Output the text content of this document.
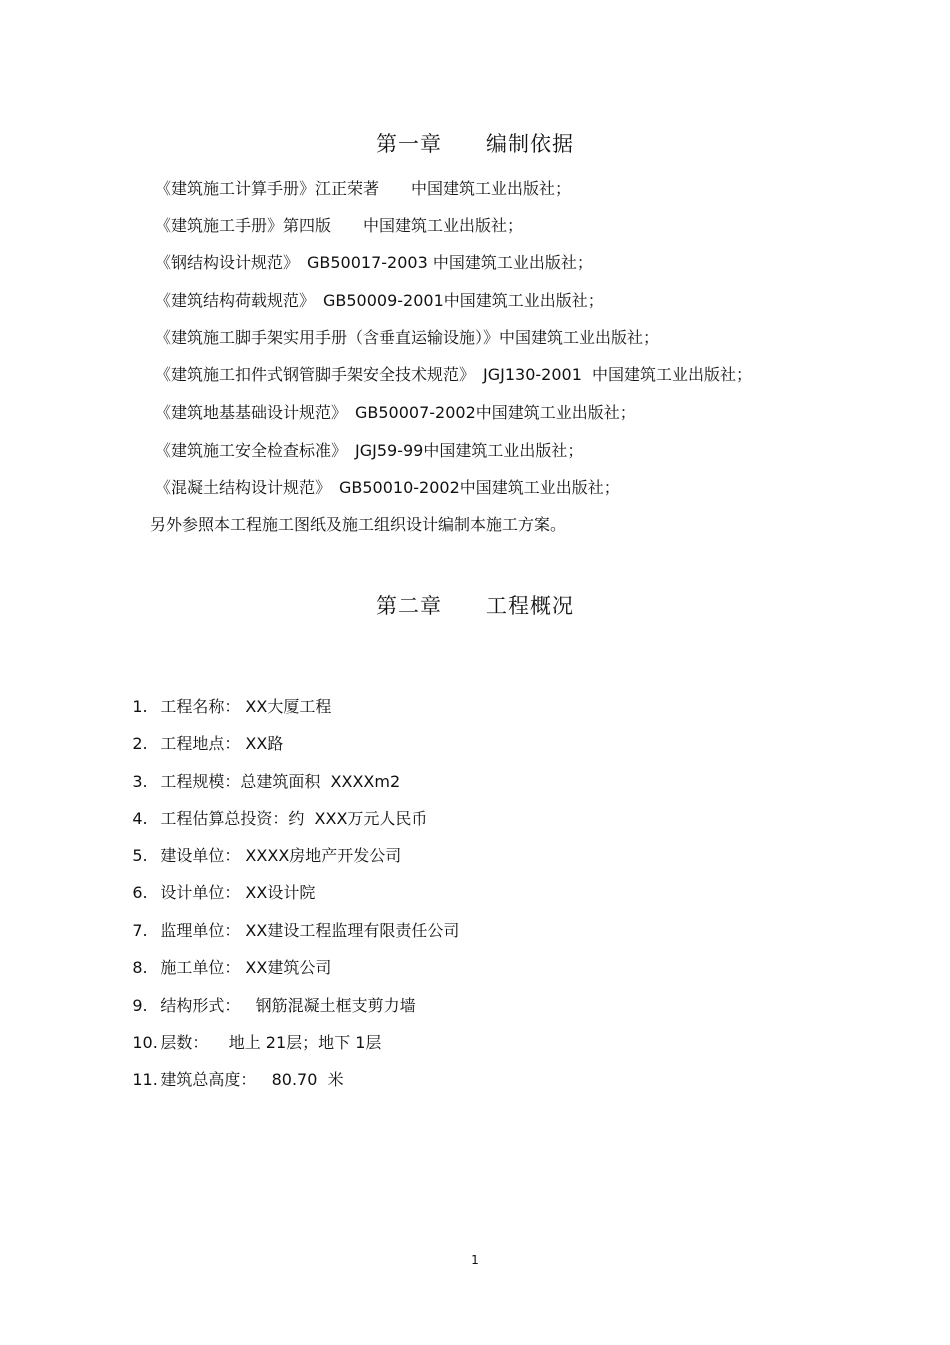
第一章　　编制依据
《建筑施工计算手册》江正荣著　　中国建筑工业出版社；
《建筑施工手册》第四版　　中国建筑工业出版社；
《钢结构设计规范》　GB50017-2003 中国建筑工业出版社；
《建筑结构荷载规范》　GB50009-2001中国建筑工业出版社；
《建筑施工脚手架实用手册（含垂直运输设施）》中国建筑工业出版社；
《建筑施工扣件式钢管脚手架安全技术规范》　JGJ130-2001  中国建筑工业出版社；
《建筑地基基础设计规范》　GB50007-2002中国建筑工业出版社；
《建筑施工安全检查标准》　JGJ59-99中国建筑工业出版社；
《混凝土结构设计规范》　GB50010-2002中国建筑工业出版社；
另外参照本工程施工图纸及施工组织设计编制本施工方案。
第二章　　工程概况

1. 工程名称： XX大厦工程

2. 工程地点： XX路

3. 工程规模：总建筑面积  XXXXm2

4. 工程估算总投资：约  XXX万元人民币

5. 建设单位： XXXX房地产开发公司

6. 设计单位： XX设计院

7. 监理单位： XX建设工程监理有限责任公司

8. 施工单位： XX建筑公司

9. 结构形式：   钢筋混凝土框支剪力墙

10. 层数：    地上 21层；地下 1层

11. 建筑总高度：   80.70  米

1
